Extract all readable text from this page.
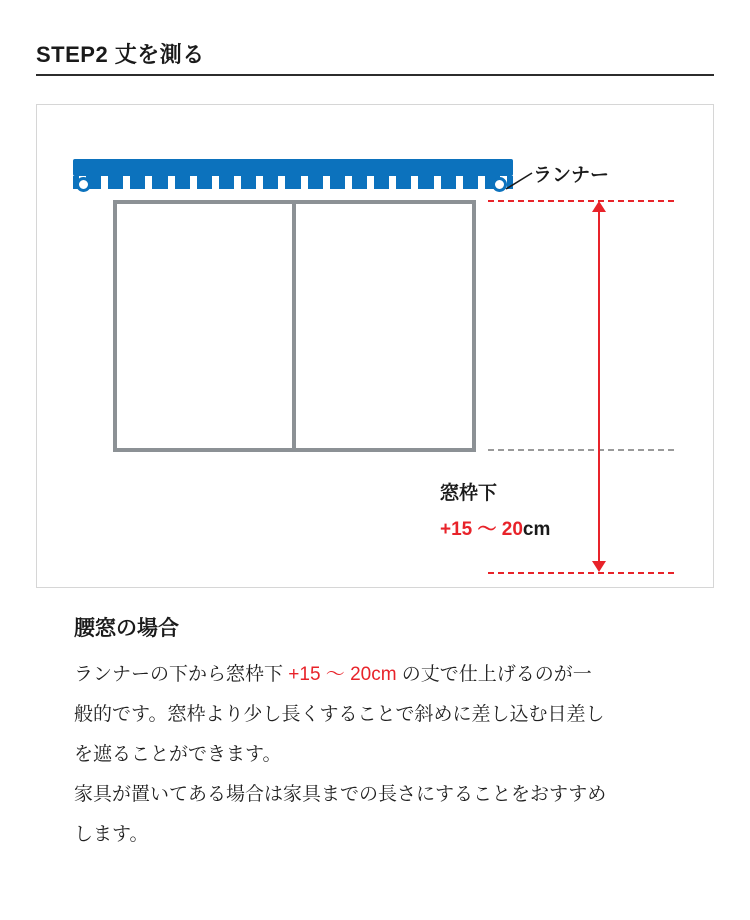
STEP2 丈を測る
ランナー
窓枠下
+15 〜 20cm
腰窓の場合

ランナーの下から窓枠下 +15 〜 20cm の丈で仕上げるのが一

般的です。窓枠より少し長くすることで斜めに差し込む日差し

を遮ることができます。

家具が置いてある場合は家具までの長さにすることをおすすめ

します。
